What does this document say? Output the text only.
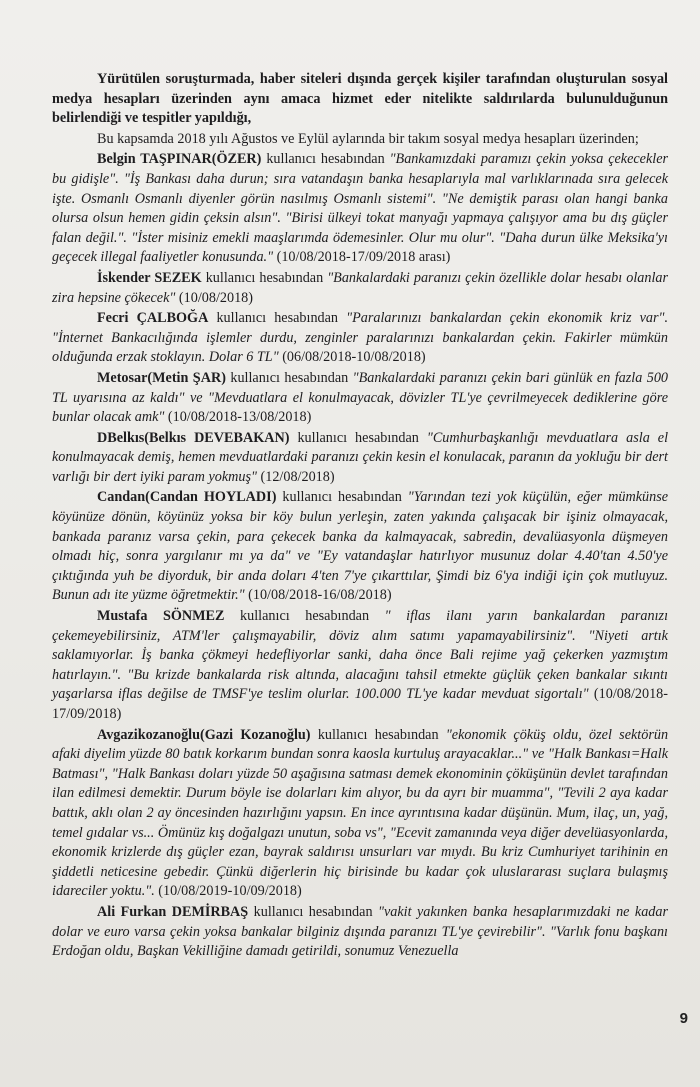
Yürütülen soruşturmada, haber siteleri dışında gerçek kişiler tarafından oluşturulan sosyal medya hesapları üzerinden aynı amaca hizmet eder nitelikte saldırılarda bulunulduğunun belirlendiği ve tespitler yapıldığı,

Bu kapsamda 2018 yılı Ağustos ve Eylül aylarında bir takım sosyal medya hesapları üzerinden;

Belgin TAŞPINAR(ÖZER) kullanıcı hesabından "Bankamızdaki paramızı çekin yoksa çekecekler bu gidişle". "İş Bankası daha durun; sıra vatandaşın banka hesaplarıyla mal varlıklarınada sıra gelecek işte. Osmanlı Osmanlı diyenler görün nasılmış Osmanlı sistemi". "Ne demiştik parası olan hangi banka olursa olsun hemen gidin çeksin alsın". "Birisi ülkeyi tokat manyağı yapmaya çalışıyor ama bu dış güçler falan değil.". "İster misiniz emekli maaşlarımda ödemesinler. Olur mu olur". "Daha durun ülke Meksika'yı geçecek illegal faaliyetler konusunda." (10/08/2018-17/09/2018 arası)

İskender SEZEK kullanıcı hesabından "Bankalardaki paranızı çekin özellikle dolar hesabı olanlar zira hepsine çökecek" (10/08/2018)

Fecri ÇALBOĞA kullanıcı hesabından "Paralarınızı bankalardan çekin ekonomik kriz var". "İnternet Bankacılığında işlemler durdu, zenginler paralarınızı bankalardan çekin. Fakirler mümkün olduğunda erzak stoklayın. Dolar 6 TL" (06/08/2018-10/08/2018)

Metosar(Metin ŞAR) kullanıcı hesabından "Bankalardaki paranızı çekin bari günlük en fazla 500 TL uyarısına az kaldı" ve "Mevduatlara el konulmayacak, dövizler TL'ye çevrilmeyecek dediklerine göre bunlar olacak amk" (10/08/2018-13/08/2018)

DBelkıs(Belkıs DEVEBAKAN) kullanıcı hesabından "Cumhurbaşkanlığı mevduatlara asla el konulmayacak demiş, hemen mevduatlardaki paranızı çekin kesin el konulacak, paranın da yokluğu bir dert varlığı bir dert iyiki param yokmuş" (12/08/2018)

Candan(Candan HOYLADI) kullanıcı hesabından "Yarından tezi yok küçülün, eğer mümkünse köyünüze dönün, köyünüz yoksa bir köy bulun yerleşin, zaten yakında çalışacak bir işiniz olmayacak, bankada paranız varsa çekin, para çekecek banka da kalmayacak, sabredin, devalüasyonla düşmeyen olmadı hiç, sonra yargılanır mı ya da" ve "Ey vatandaşlar hatırlıyor musunuz dolar 4.40'tan 4.50'ye çıktığında yuh be diyorduk, bir anda doları 4'ten 7'ye çıkarttılar, Şimdi biz 6'ya indiği için çok mutluyuz. Bunun adı ite yüzme öğretmektir." (10/08/2018-16/08/2018)

Mustafa SÖNMEZ kullanıcı hesabından " iflas ilanı yarın bankalardan paranızı çekemeyebilirsiniz, ATM'ler çalışmayabilir, döviz alım satımı yapamayabilirsiniz". "Niyeti artık saklamıyorlar. İş banka çökmeyi hedefliyorlar sanki, daha önce Bali rejime yağ çekerken yazmıştım hatırlayın.". "Bu krizde bankalarda risk altında, alacağını tahsil etmekte güçlük çeken bankalar sıkıntı yaşarlarsa iflas değilse de TMSF'ye teslim olurlar. 100.000 TL'ye kadar mevduat sigortalı" (10/08/2018-17/09/2018)

Avgazikozanoğlu(Gazi Kozanoğlu) kullanıcı hesabından "ekonomik çöküş oldu, özel sektörün afaki diyelim yüzde 80 batık korkarım bundan sonra kaosla kurtuluş arayacaklar..." ve "Halk Bankası=Halk Batması", "Halk Bankası doları yüzde 50 aşağısına satması demek ekonominin çöküşünün devlet tarafından ilan edilmesi demektir. Durum böyle ise dolarları kim alıyor, bu da ayrı bir muamma", "Tevili 2 aya kadar battık, aklı olan 2 ay öncesinden hazırlığını yapsın. En ince ayrıntısına kadar düşünün. Mum, ilaç, un, yağ, temel gıdalar vs... Ömünüz kış doğalgazı unutun, soba vs", "Ecevit zamanında veya diğer develüasyonlarda, ekonomik krizlerde dış güçler ezan, bayrak saldırısı unsurları var mıydı. Bu kriz Cumhuriyet tarihinin en şiddetli neticesine gebedir. Çünkü diğerlerin hiç birisinde bu kadar çok uluslararası suçlara bulaşmış idareciler yoktu.". (10/08/2019-10/09/2018)

Ali Furkan DEMİRBAŞ kullanıcı hesabından "vakit yakınken banka hesaplarımızdaki ne kadar dolar ve euro varsa çekin yoksa bankalar bilginiz dışında paranızı TL'ye çevirebilir". "Varlık fonu başkanı Erdoğan oldu, Başkan Vekilliğine damadı getirildi, sonumuz Venezuella

9
